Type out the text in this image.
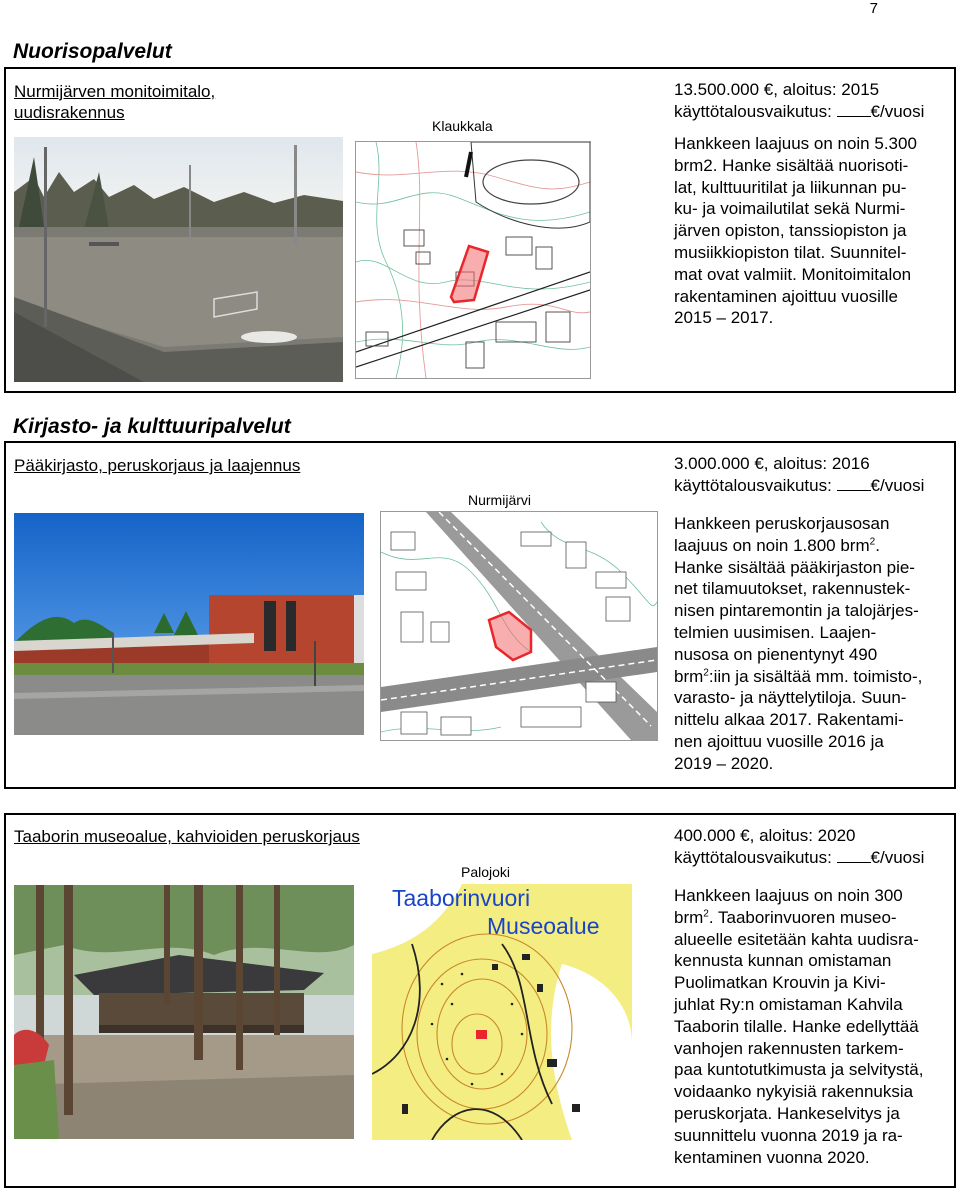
7
Nuorisopalvelut
Nurmijärven monitoimitalo,
uudisrakennus
13.500.000 €, aloitus: 2015
käyttötalousvaikutus: €/vuosi
Klaukkala
Hankkeen laajuus on noin 5.300
brm2. Hanke sisältää nuorisoti-
lat, kulttuuritilat ja liikunnan pu-
ku- ja voimailutilat sekä Nurmi-
järven opiston, tanssiopiston ja
musiikkiopiston tilat. Suunnitel-
mat ovat valmiit. Monitoimitalon
rakentaminen ajoittuu vuosille
2015 – 2017.
Kirjasto- ja kulttuuripalvelut
Pääkirjasto, peruskorjaus ja laajennus	3.000.000 €, aloitus: 2016
käyttötalousvaikutus: €/vuosi
Nurmijärvi
Hankkeen peruskorjausosan
laajuus on noin 1.800 brm$^2$.
Hanke sisältää pääkirjaston pie-
net tilamuutokset, rakennustek-
nisen pintaremontin ja talojärjes-
telmien uusimisen. Laajen-
nusosa on pienentynyt 490
brm$^2$:iin ja sisältää mm. toimisto-,
varasto- ja näyttelytiloja. Suun-
nittelu alkaa 2017. Rakentami-
nen ajoittuu vuosille 2016 ja
2019 – 2020.
Taaborin museoalue, kahvioiden peruskorjaus	400.000 €, aloitus: 2020
käyttötalousvaikutus: €/vuosi
Palojoki
Taaborinvuori
Museoalue
Hankkeen laajuus on noin 300
brm$^2$. Taaborinvuoren museo-
alueelle esitetään kahta uudisra-
kennusta kunnan omistaman
Puolimatkan Krouvin ja Kivi-
juhlat Ry:n omistaman Kahvila
Taaborin tilalle. Hanke edellyttää
vanhojen rakennusten tarkem-
paa kuntotutkimusta ja selvitystä,
voidaanko nykyisiä rakennuksia
peruskorjata. Hankeselvitys ja
suunnittelu vuonna 2019 ja ra-
kentaminen vuonna 2020.
